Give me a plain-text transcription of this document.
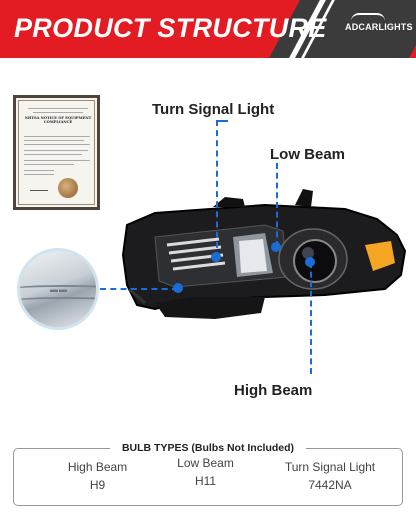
PRODUCT STRUCTURE ADCARLIGHTS
NHTSA NOTICE OF EQUIPMENT COMPLIANCE
▬▬
Turn Signal Light
Low Beam
High Beam
BULB TYPES (Bulbs Not Included)
High Beam
H9
Low Beam
H11
Turn Signal Light
7442NA
